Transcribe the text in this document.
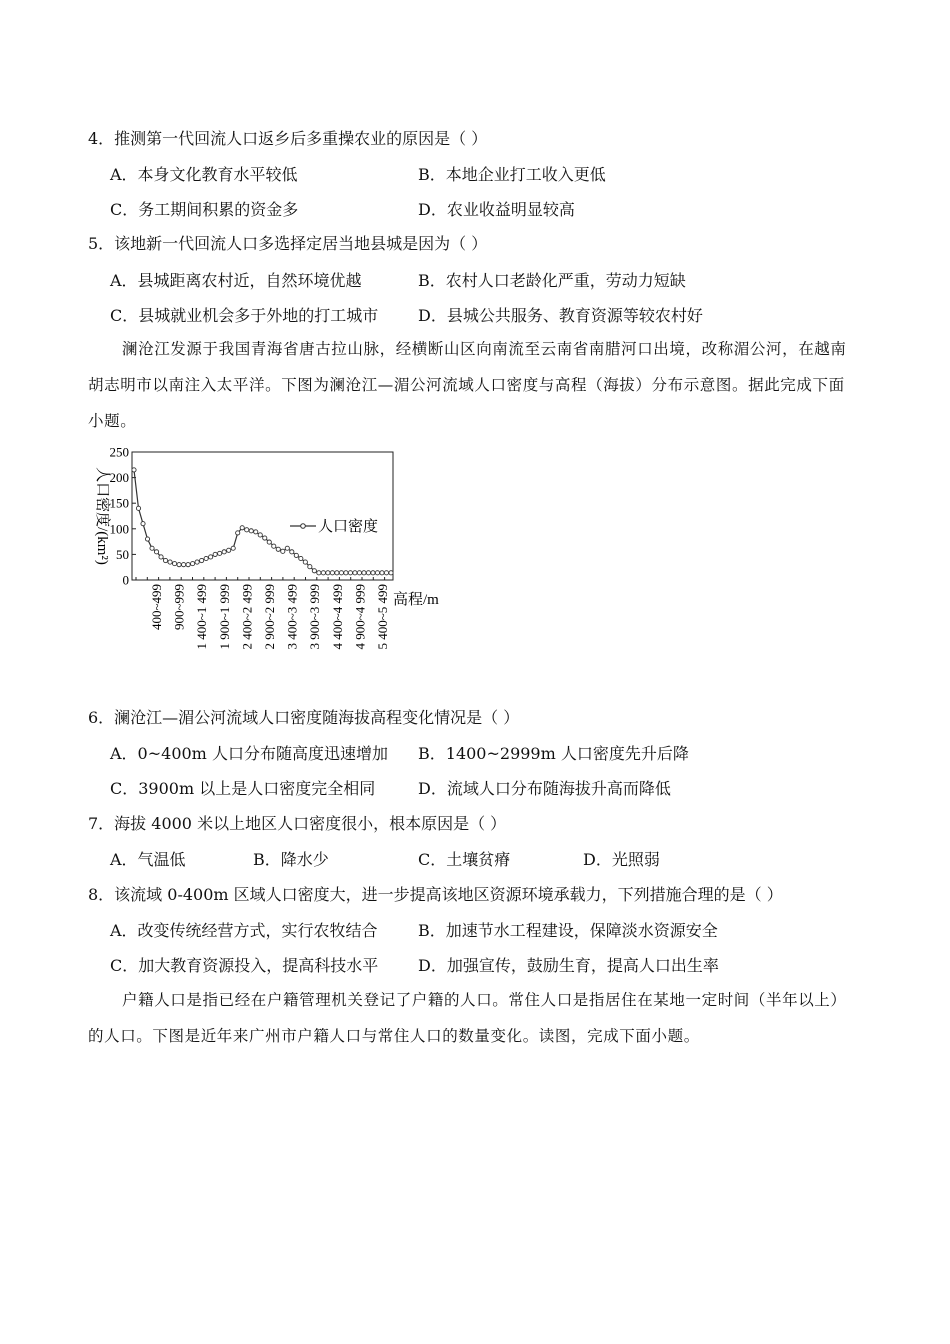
4．推测第一代回流人口返乡后多重操农业的原因是（ ）
A．本身文化教育水平较低	B．本地企业打工收入更低
C．务工期间积累的资金多	D．农业收益明显较高
5．该地新一代回流人口多选择定居当地县城是因为（ ）
A．县城距离农村近，自然环境优越	B．农村人口老龄化严重，劳动力短缺
C．县城就业机会多于外地的打工城市 D．县城公共服务、教育资源等较农村好
澜沧江发源于我国青海省唐古拉山脉，经横断山区向南流至云南省南腊河口出境，改称湄公河，在越南胡志明市以南注入太平洋。下图为澜沧江—湄公河流域人口密度与高程（海拔）分布示意图。据此完成下面小题。
人口密度/(km²)
0
50
100
150
200
250
人口密度
高程/m
400~499 900~999 1 400~1 499 1 900~1 999 2 400~2 499 2 900~2 999 3 400~3 499 3 900~3 999 4 400~4 499 4 900~4 999 5 400~5 499
6．澜沧江—湄公河流域人口密度随海拔高程变化情况是（ ）
A．0~400m 人口分布随高度迅速增加 B．1400~2999m 人口密度先升后降
C．3900m 以上是人口密度完全相同	D．流域人口分布随海拔升高而降低
7．海拔 4000 米以上地区人口密度很小，根本原因是（ ）
A．气温低	B．降水少	C．土壤贫瘠	D．光照弱
8．该流域 0-400m 区域人口密度大，进一步提高该地区资源环境承载力，下列措施合理的是（ ）
A．改变传统经营方式，实行农牧结合	B．加速节水工程建设，保障淡水资源安全
C．加大教育资源投入，提高科技水平 D．加强宣传，鼓励生育，提高人口出生率
户籍人口是指已经在户籍管理机关登记了户籍的人口。常住人口是指居住在某地一定时间（半年以上）的人口。下图是近年来广州市户籍人口与常住人口的数量变化。读图，完成下面小题。
